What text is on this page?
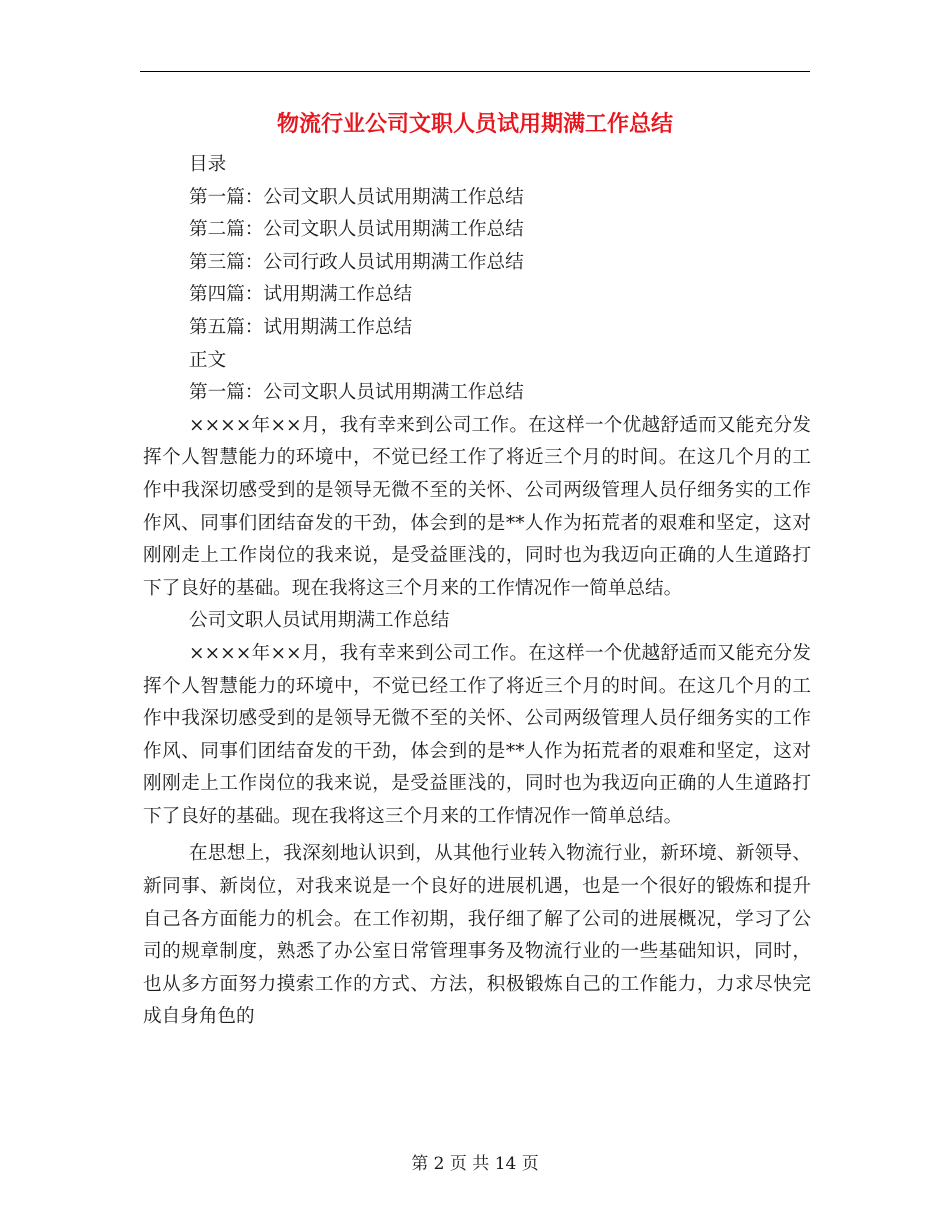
物流行业公司文职人员试用期满工作总结

目录

第一篇：公司文职人员试用期满工作总结

第二篇：公司文职人员试用期满工作总结

第三篇：公司行政人员试用期满工作总结

第四篇：试用期满工作总结

第五篇：试用期满工作总结

正文

第一篇：公司文职人员试用期满工作总结

××××年××月，我有幸来到公司工作。在这样一个优越舒适而又能充分发挥个人智慧能力的环境中，不觉已经工作了将近三个月的时间。在这几个月的工作中我深切感受到的是领导无微不至的关怀、公司两级管理人员仔细务实的工作作风、同事们团结奋发的干劲，体会到的是**人作为拓荒者的艰难和坚定，这对刚刚走上工作岗位的我来说，是受益匪浅的，同时也为我迈向正确的人生道路打下了良好的基础。现在我将这三个月来的工作情况作一简单总结。

公司文职人员试用期满工作总结

××××年××月，我有幸来到公司工作。在这样一个优越舒适而又能充分发挥个人智慧能力的环境中，不觉已经工作了将近三个月的时间。在这几个月的工作中我深切感受到的是领导无微不至的关怀、公司两级管理人员仔细务实的工作作风、同事们团结奋发的干劲，体会到的是**人作为拓荒者的艰难和坚定，这对刚刚走上工作岗位的我来说，是受益匪浅的，同时也为我迈向正确的人生道路打下了良好的基础。现在我将这三个月来的工作情况作一简单总结。

在思想上，我深刻地认识到，从其他行业转入物流行业，新环境、新领导、新同事、新岗位，对我来说是一个良好的进展机遇，也是一个很好的锻炼和提升自己各方面能力的机会。在工作初期，我仔细了解了公司的进展概况，学习了公司的规章制度，熟悉了办公室日常管理事务及物流行业的一些基础知识，同时，也从多方面努力摸索工作的方式、方法，积极锻炼自己的工作能力，力求尽快完成自身角色的

第 2 页 共 14 页
